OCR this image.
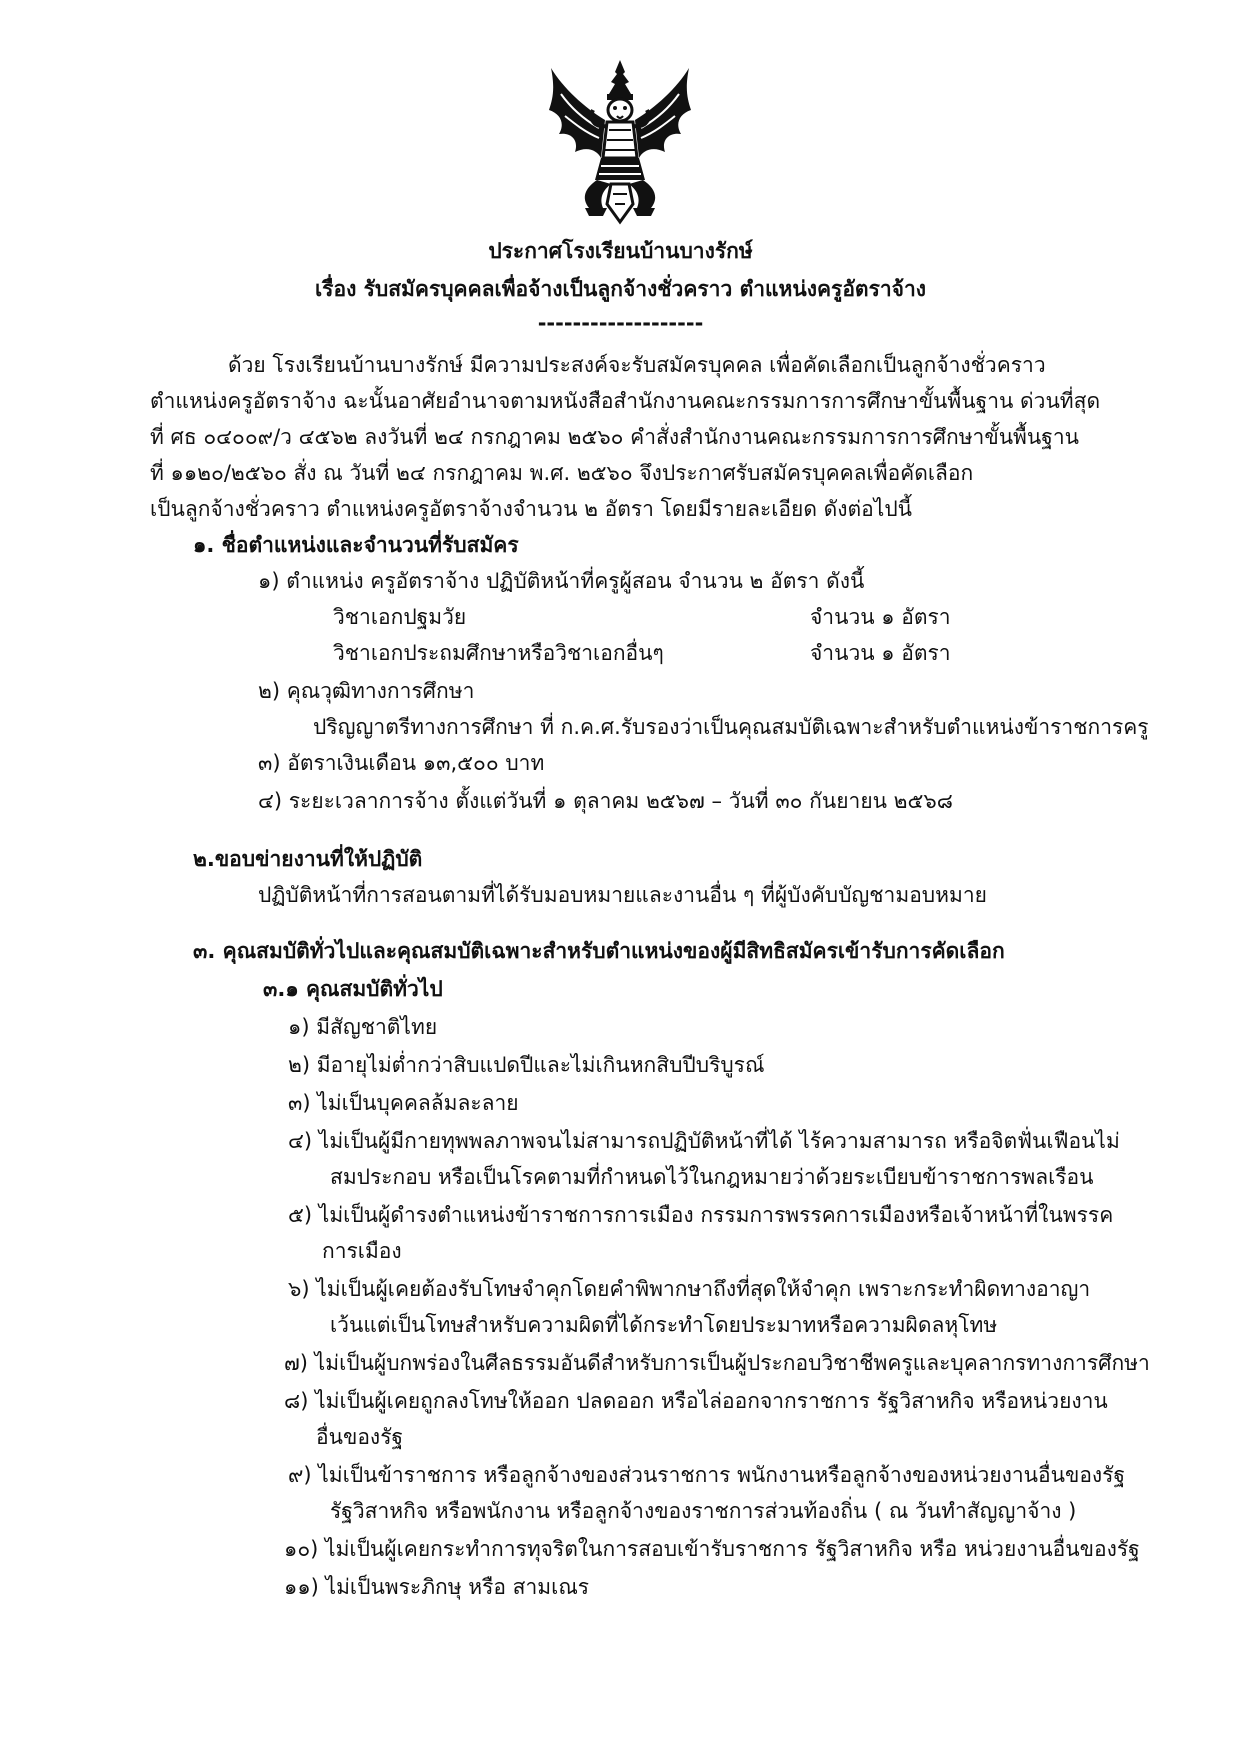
ประกาศโรงเรียนบ้านบางรักษ์
เรื่อง รับสมัครบุคคลเพื่อจ้างเป็นลูกจ้างชั่วคราว ตำแหน่งครูอัตราจ้าง
-------------------
ด้วย โรงเรียนบ้านบางรักษ์ มีความประสงค์จะรับสมัครบุคคล เพื่อคัดเลือกเป็นลูกจ้างชั่วคราว
ตำแหน่งครูอัตราจ้าง ฉะนั้นอาศัยอำนาจตามหนังสือสำนักงานคณะกรรมการการศึกษาขั้นพื้นฐาน ด่วนที่สุด
ที่ ศธ ๐๔๐๐๙/ว ๔๕๖๒ ลงวันที่ ๒๔ กรกฎาคม ๒๕๖๐ คำสั่งสำนักงานคณะกรรมการการศึกษาขั้นพื้นฐาน
ที่ ๑๑๒๐/๒๕๖๐ สั่ง ณ วันที่ ๒๔ กรกฎาคม พ.ศ. ๒๕๖๐ จึงประกาศรับสมัครบุคคลเพื่อคัดเลือก
เป็นลูกจ้างชั่วคราว ตำแหน่งครูอัตราจ้างจำนวน ๒ อัตรา โดยมีรายละเอียด ดังต่อไปนี้
๑. ชื่อตำแหน่งและจำนวนที่รับสมัคร
๑) ตำแหน่ง ครูอัตราจ้าง ปฏิบัติหน้าที่ครูผู้สอน จำนวน ๒ อัตรา ดังนี้
วิชาเอกปฐมวัย	จำนวน ๑ อัตรา
วิชาเอกประถมศึกษาหรือวิชาเอกอื่นๆ	จำนวน ๑ อัตรา
๒) คุณวุฒิทางการศึกษา
ปริญญาตรีทางการศึกษา ที่ ก.ค.ศ.รับรองว่าเป็นคุณสมบัติเฉพาะสำหรับตำแหน่งข้าราชการครู
๓) อัตราเงินเดือน ๑๓,๕๐๐ บาท
๔) ระยะเวลาการจ้าง ตั้งแต่วันที่ ๑ ตุลาคม ๒๕๖๗ – วันที่ ๓๐ กันยายน ๒๕๖๘
๒.ขอบข่ายงานที่ให้ปฏิบัติ
ปฏิบัติหน้าที่การสอนตามที่ได้รับมอบหมายและงานอื่น ๆ ที่ผู้บังคับบัญชามอบหมาย
๓. คุณสมบัติทั่วไปและคุณสมบัติเฉพาะสำหรับตำแหน่งของผู้มีสิทธิสมัครเข้ารับการคัดเลือก
๓.๑ คุณสมบัติทั่วไป
๑) มีสัญชาติไทย
๒) มีอายุไม่ต่ำกว่าสิบแปดปีและไม่เกินหกสิบปีบริบูรณ์
๓) ไม่เป็นบุคคลล้มละลาย
๔) ไม่เป็นผู้มีกายทุพพลภาพจนไม่สามารถปฏิบัติหน้าที่ได้ ไร้ความสามารถ หรือจิตฟั่นเฟือนไม่
สมประกอบ หรือเป็นโรคตามที่กำหนดไว้ในกฎหมายว่าด้วยระเบียบข้าราชการพลเรือน
๕) ไม่เป็นผู้ดำรงตำแหน่งข้าราชการการเมือง กรรมการพรรคการเมืองหรือเจ้าหน้าที่ในพรรค
การเมือง
๖) ไม่เป็นผู้เคยต้องรับโทษจำคุกโดยคำพิพากษาถึงที่สุดให้จำคุก เพราะกระทำผิดทางอาญา
เว้นแต่เป็นโทษสำหรับความผิดที่ได้กระทำโดยประมาทหรือความผิดลหุโทษ
๗) ไม่เป็นผู้บกพร่องในศีลธรรมอันดีสำหรับการเป็นผู้ประกอบวิชาชีพครูและบุคลากรทางการศึกษา
๘) ไม่เป็นผู้เคยถูกลงโทษให้ออก ปลดออก หรือไล่ออกจากราชการ รัฐวิสาหกิจ หรือหน่วยงาน
อื่นของรัฐ
๙) ไม่เป็นข้าราชการ หรือลูกจ้างของส่วนราชการ พนักงานหรือลูกจ้างของหน่วยงานอื่นของรัฐ
รัฐวิสาหกิจ หรือพนักงาน หรือลูกจ้างของราชการส่วนท้องถิ่น ( ณ วันทำสัญญาจ้าง )
๑๐) ไม่เป็นผู้เคยกระทำการทุจริตในการสอบเข้ารับราชการ รัฐวิสาหกิจ หรือ หน่วยงานอื่นของรัฐ
๑๑) ไม่เป็นพระภิกษุ หรือ สามเณร
